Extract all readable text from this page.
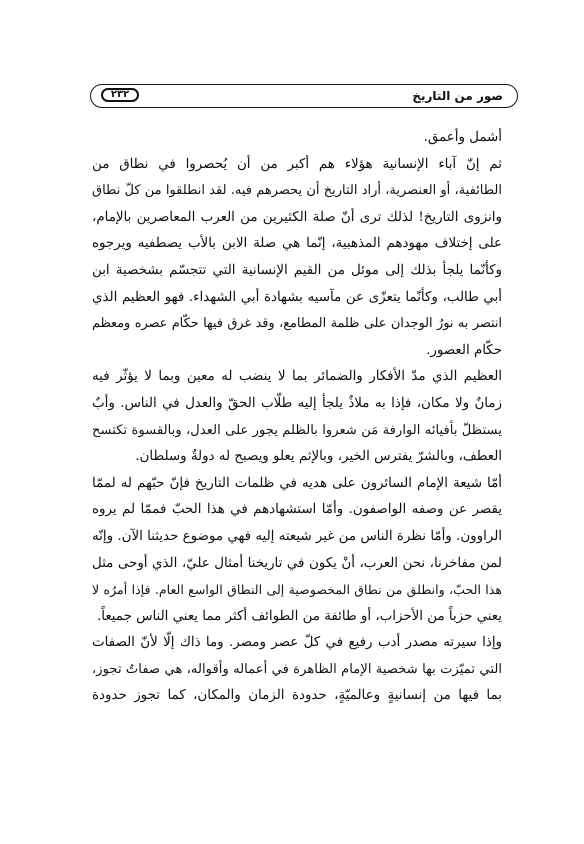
٢٣٢	صور من التاريخ
أشمل وأعمق.
ثم إنّ آباء الإنسانية هؤلاء هم أكبر من أن يُحصروا في نطاق من
الطائفية، أو العنصرية، أراد التاريخ أن يحصرهم فيه. لقد انطلقوا من كلّ نطاق
وانزوى التاريخ! لذلك ترى أنّ صلة الكثيرين من العرب المعاصرين بالإمام،
على إختلاف مهودهم المذهبية، إنّما هي صلة الابن بالأب يصطفيه ويرجوه
وكأنّما يلجأ بذلك إلى موئل من القيم الإنسانية التي تتجسّم بشخصية ابن
أبي طالب، وكأنّما يتعزّى عن مآسيه بشهادة أبي الشهداء. فهو العظيم الذي
انتصر به نورُ الوجدان على ظلمة المطامع، وقد غرق فيها حكّام عصره ومعظم
حكّام العصور.
العظيم الذي مدّ الأفكار والضمائر بما لا ينضب له معين وبما لا يؤثّر فيه
زمانٌ ولا مكان، فإذا به ملاذٌ يلجأ إليه طلّاب الحقّ والعدل في الناس. وأبٌ
يستظلّ بأفيائه الوارفة مَن شعروا بالظلم يجور على العدل، وبالقسوة تكتسح
العطف، وبالشرّ يفترس الخير، وبالإثم يعلو ويصبح له دولةٌ وسلطان.
أمّا شيعة الإمام السائرون على هديه في ظلمات التاريخ فإنّ حبّهم له لممّا
يقصر عن وصفه الواصفون. وأمّا استشهادهم في هذا الحبّ فممّا لم يروه
الراوون. وأمّا نظرة الناس من غير شيعته إليه فهي موضوع حديثنا الآن. وإنّه
لمن مفاخرنا، نحن العرب، أنْ يكون في تاريخنا أمثال عليّ، الذي أوحى مثل
هذا الحبّ، وانطلق من نطاق المخصوصية إلى النطاق الواسع العام. فإذا أمرُه لا
يعني حزباً من الأحزاب، أو طائفة من الطوائف أكثر مما يعني الناس جميعاً.
وإذا سيرته مصدر أدب رفيع في كلّ عصر ومصر. وما ذاك إلّا لأنّ الصفات
التي تميّزت بها شخصية الإمام الظاهرة في أعماله وأقواله، هي صفاتٌ تجوز،
بما فيها من إنسانيةٍ وعالميّةٍ، حدودة الزمان والمكان، كما تجوز حدودة
